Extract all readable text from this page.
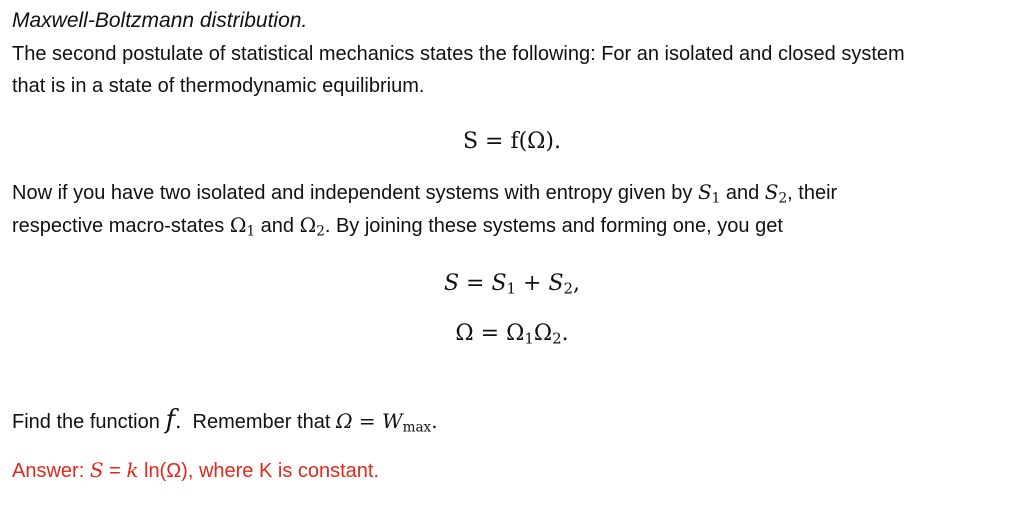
Maxwell-Boltzmann distribution.

The second postulate of statistical mechanics states the following: For an isolated and closed system

that is in a state of thermodynamic equilibrium.

S = f(Ω).

Now if you have two isolated and independent systems with entropy given by $S_1$ and $S_2$, their

respective macro-states $\Omega_1$ and $\Omega_2$. By joining these systems and forming one, you get

$S = S_1 + S_2$,

$\Omega = \Omega_1\Omega_2$.

Find the function f. Remember that $\Omega = W_{max}$.

Answer: S = k ln(Ω), where K is constant.
